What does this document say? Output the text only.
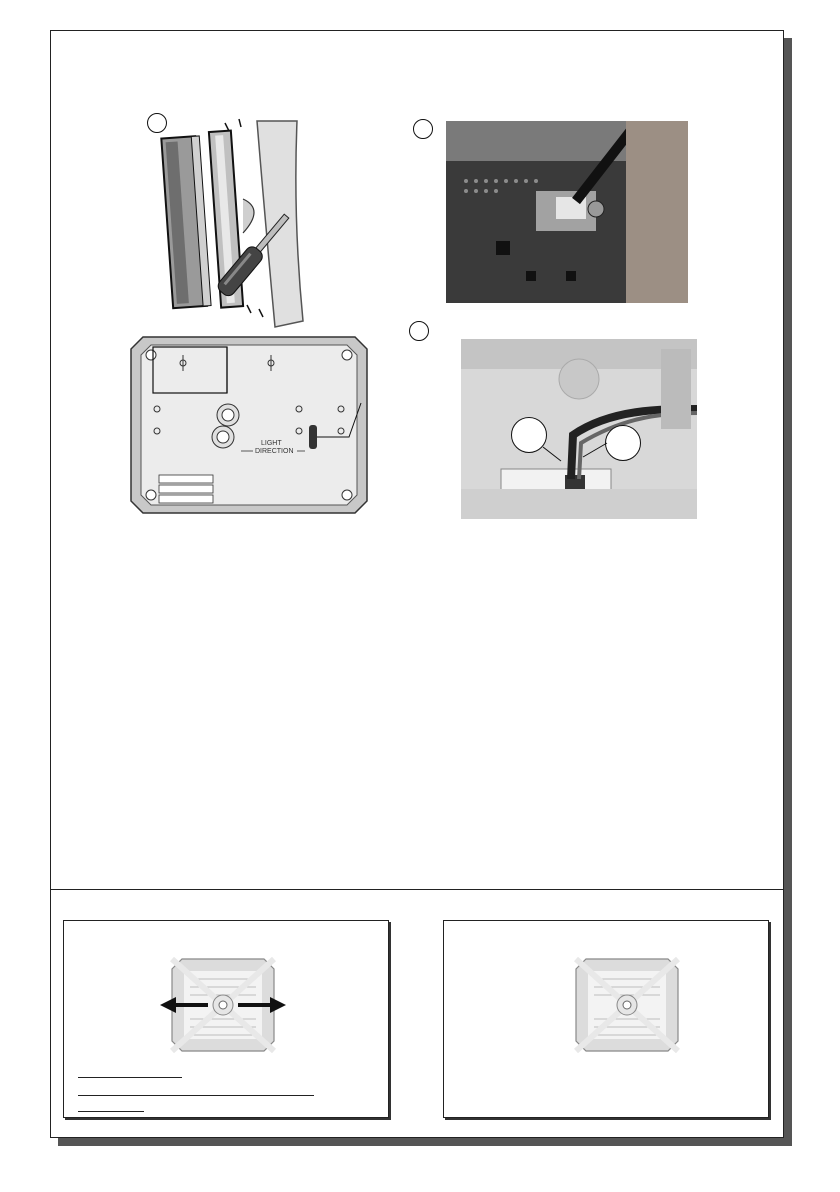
LIGHT
DIRECTION
